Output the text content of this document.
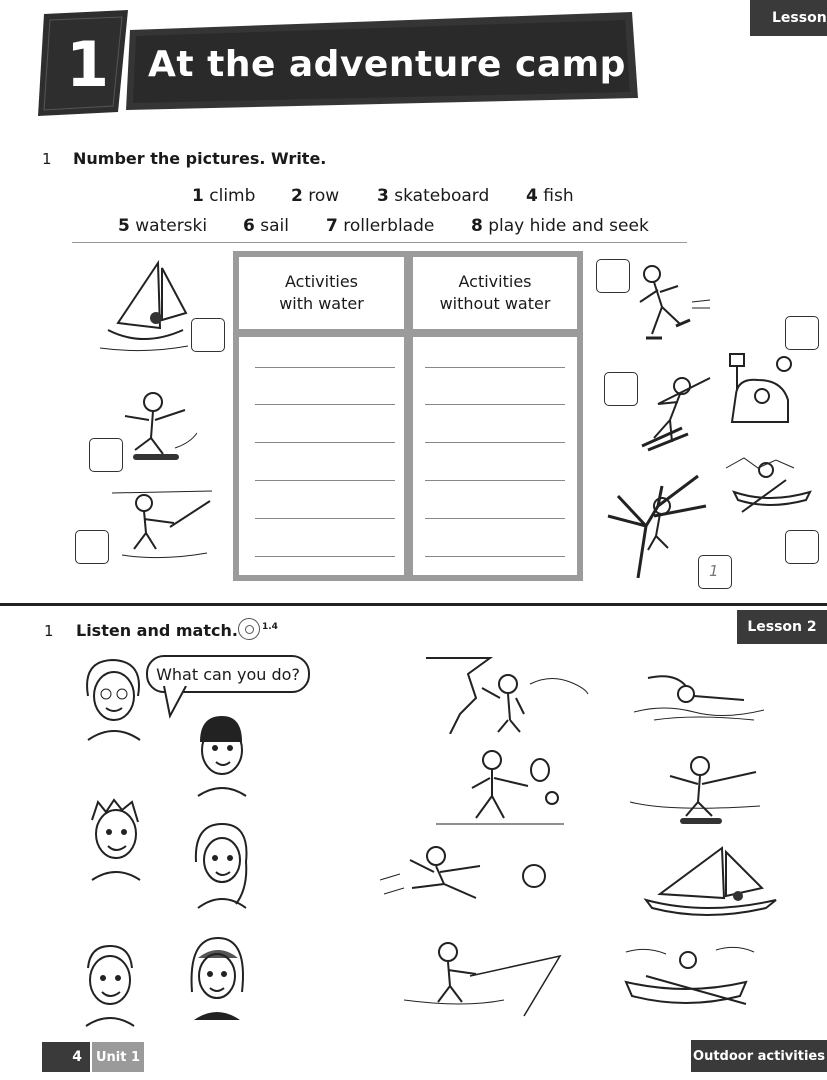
Lesson
1 At the adventure camp
1 Number the pictures. Write.
1 climb 2 row 3 skateboard 4 fish
5 waterski 6 sail 7 rollerblade 8 play hide and seek
Activities with water
Activities without water
1
1 Listen and match.	1.4	Lesson 2
What can you do?
4	Unit 1	Outdoor activities
